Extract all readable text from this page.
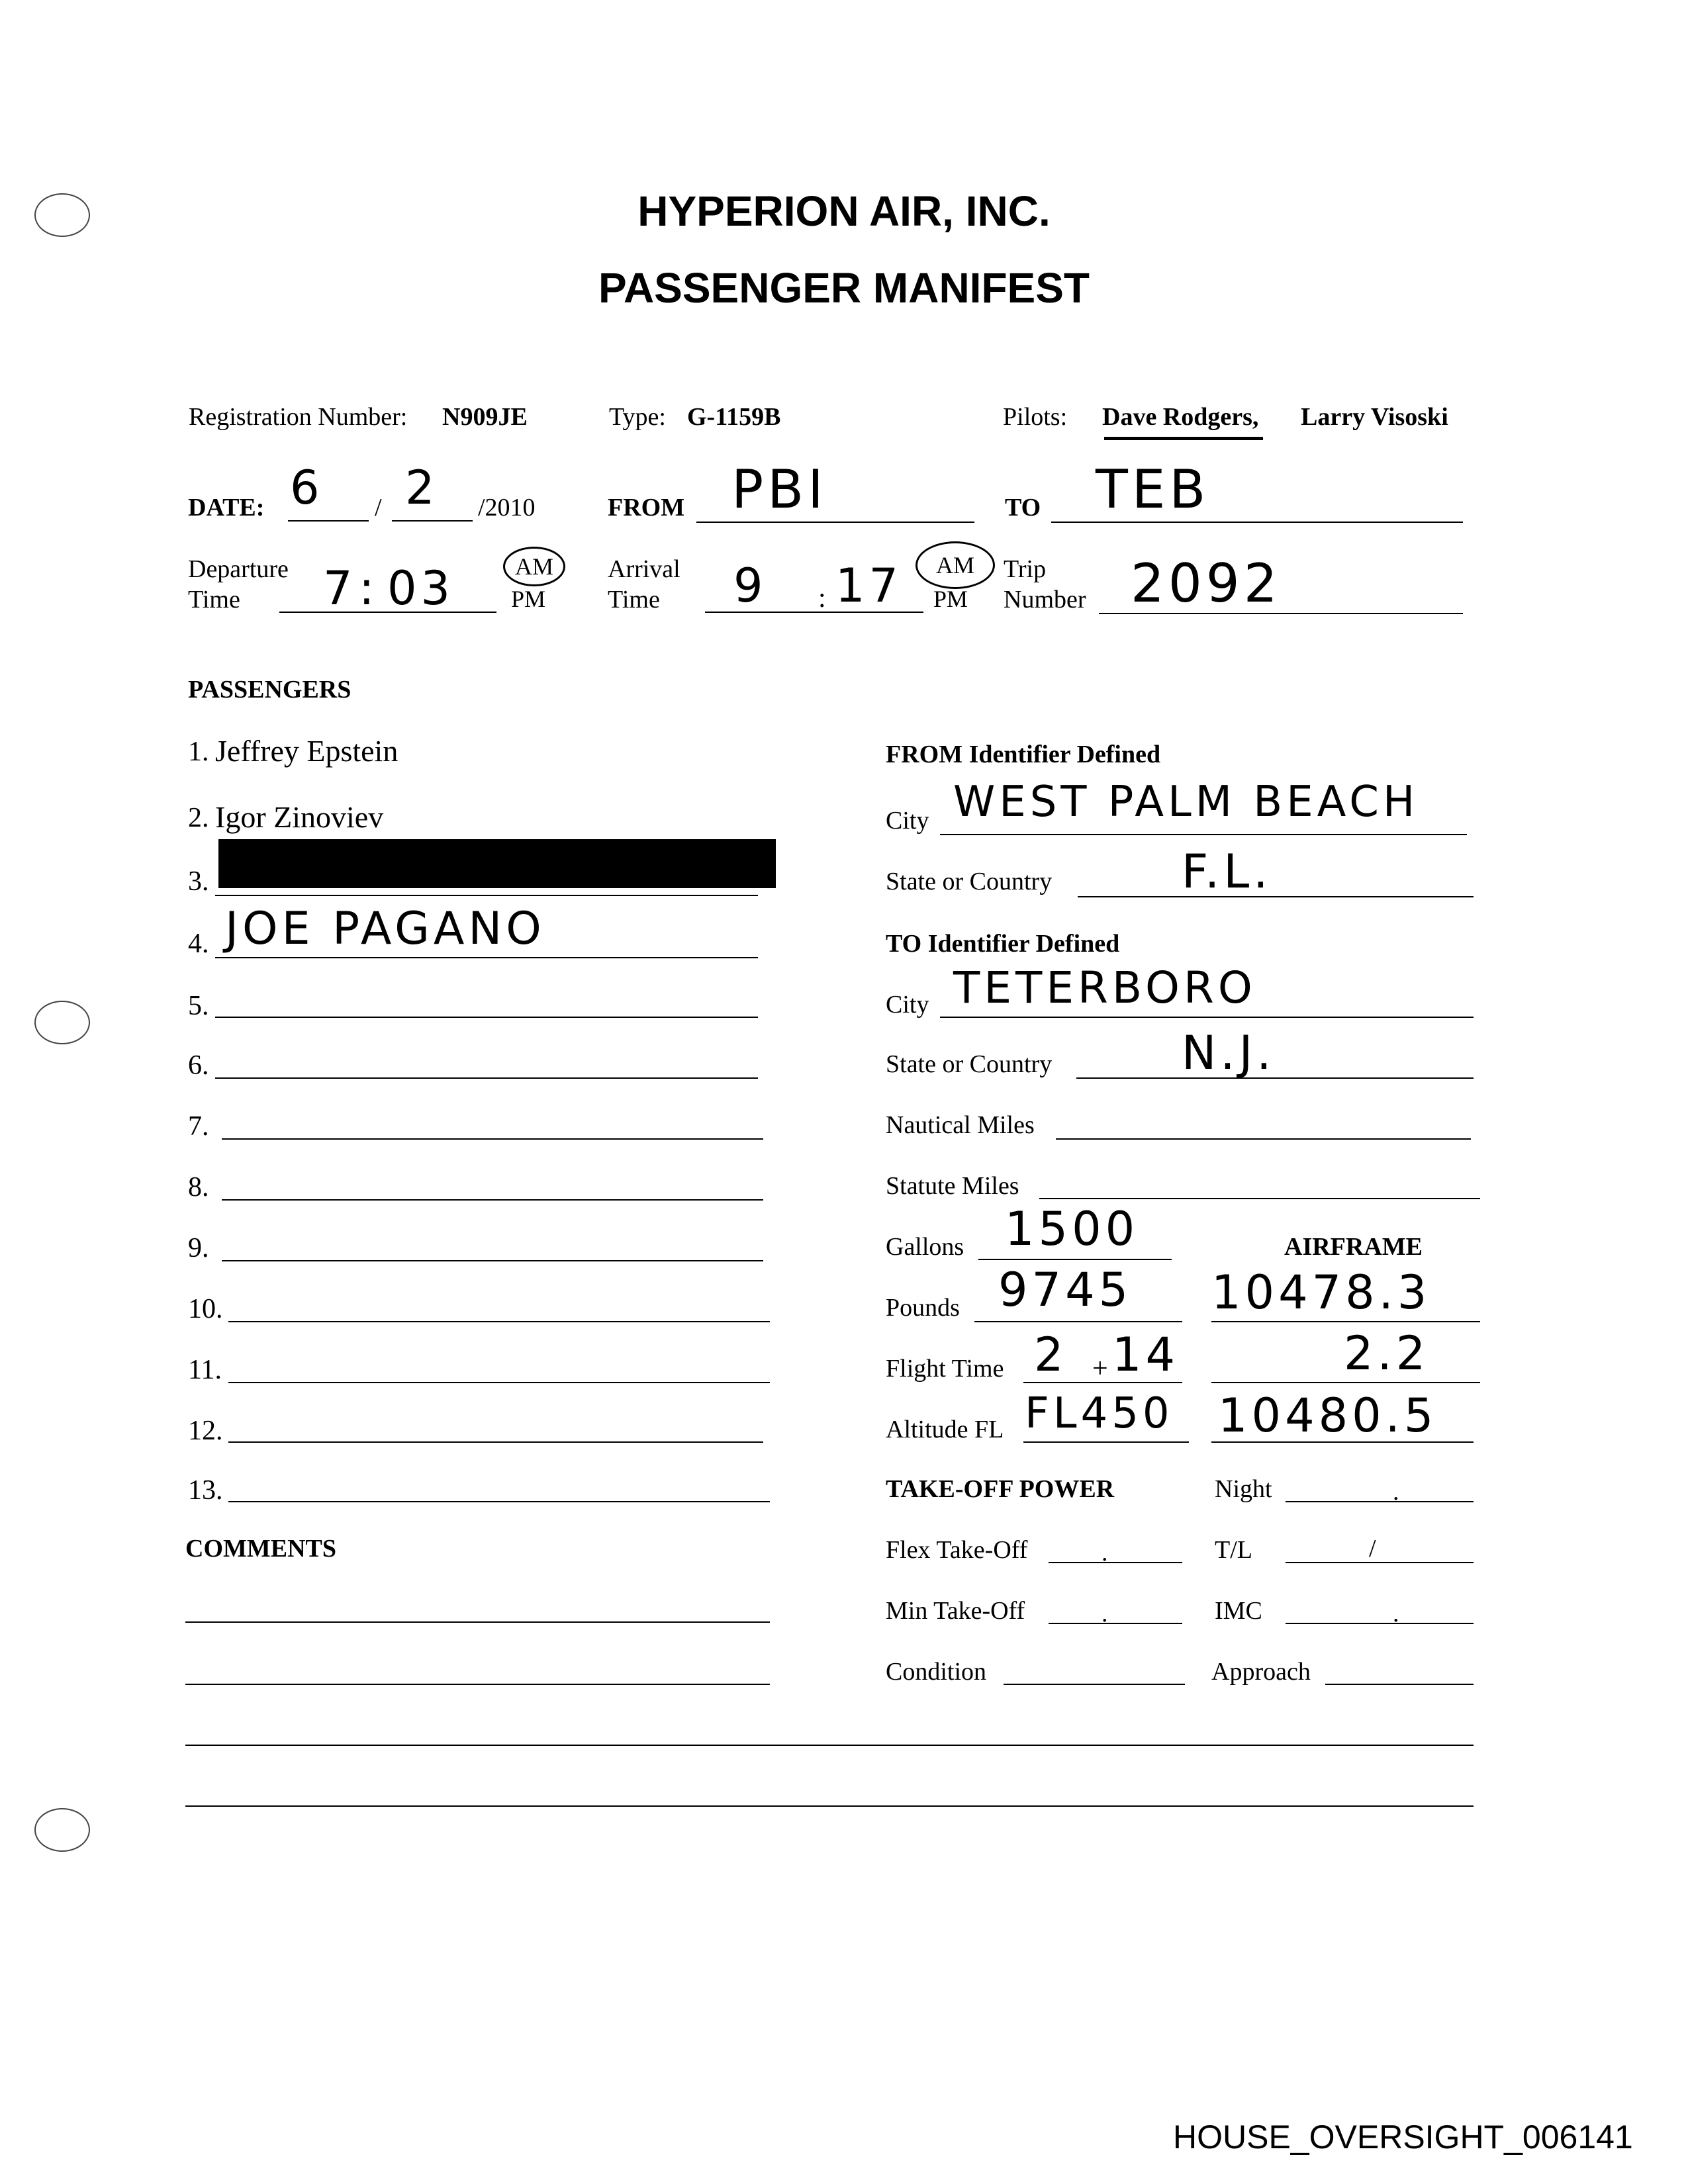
HYPERION AIR, INC.
PASSENGER MANIFEST
Registration Number: N909JE	Type: G-1159B	Pilots: Dave Rodgers, Larry Visoski
DATE: 6 / 2 /2010	FROM PBI	TO TEB
Departure
Time 7 : 03	AM
PM
Arrival
Time 9 : 17	AM
PM
Trip
Number 2092
PASSENGERS
1. Jeffrey Epstein
2. Igor Zinoviev
3.
4. JOE PAGANO
5.
6.
7.
8.
9.
10.
11.
12.
13.
COMMENTS
FROM Identifier Defined
City WEST PALM BEACH
State or Country	F.L.
TO Identifier Defined
City TETERBORO
State or Country	N.J.
Nautical Miles
Statute Miles
Gallons 1500	AIRFRAME
Pounds 9745 10478.3
Flight Time 2 + 14	2.2
Altitude FL FL450 10480.5
TAKE-OFF POWER	Night	.
Flex Take-Off	.	T/L	/
Min Take-Off	.	IMC	.
Condition	Approach
HOUSE_OVERSIGHT_006141
